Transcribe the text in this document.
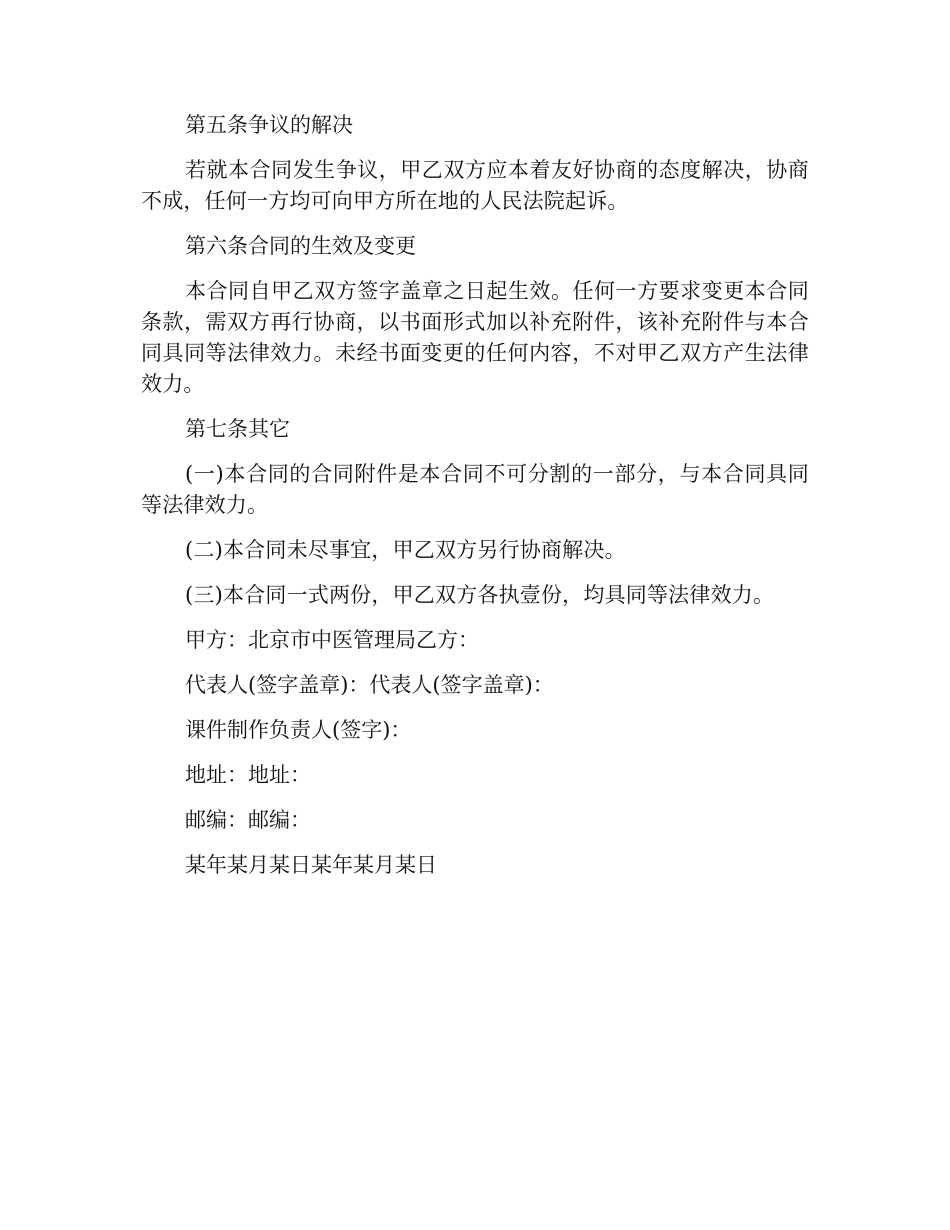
第五条争议的解决

若就本合同发生争议，甲乙双方应本着友好协商的态度解决，协商不成，任何一方均可向甲方所在地的人民法院起诉。

第六条合同的生效及变更

本合同自甲乙双方签字盖章之日起生效。任何一方要求变更本合同条款，需双方再行协商，以书面形式加以补充附件，该补充附件与本合同具同等法律效力。未经书面变更的任何内容，不对甲乙双方产生法律效力。

第七条其它

(一)本合同的合同附件是本合同不可分割的一部分，与本合同具同等法律效力。

(二)本合同未尽事宜，甲乙双方另行协商解决。

(三)本合同一式两份，甲乙双方各执壹份，均具同等法律效力。

甲方：北京市中医管理局乙方：

代表人(签字盖章)：代表人(签字盖章)：

课件制作负责人(签字)：

地址：地址：

邮编：邮编：

某年某月某日某年某月某日
